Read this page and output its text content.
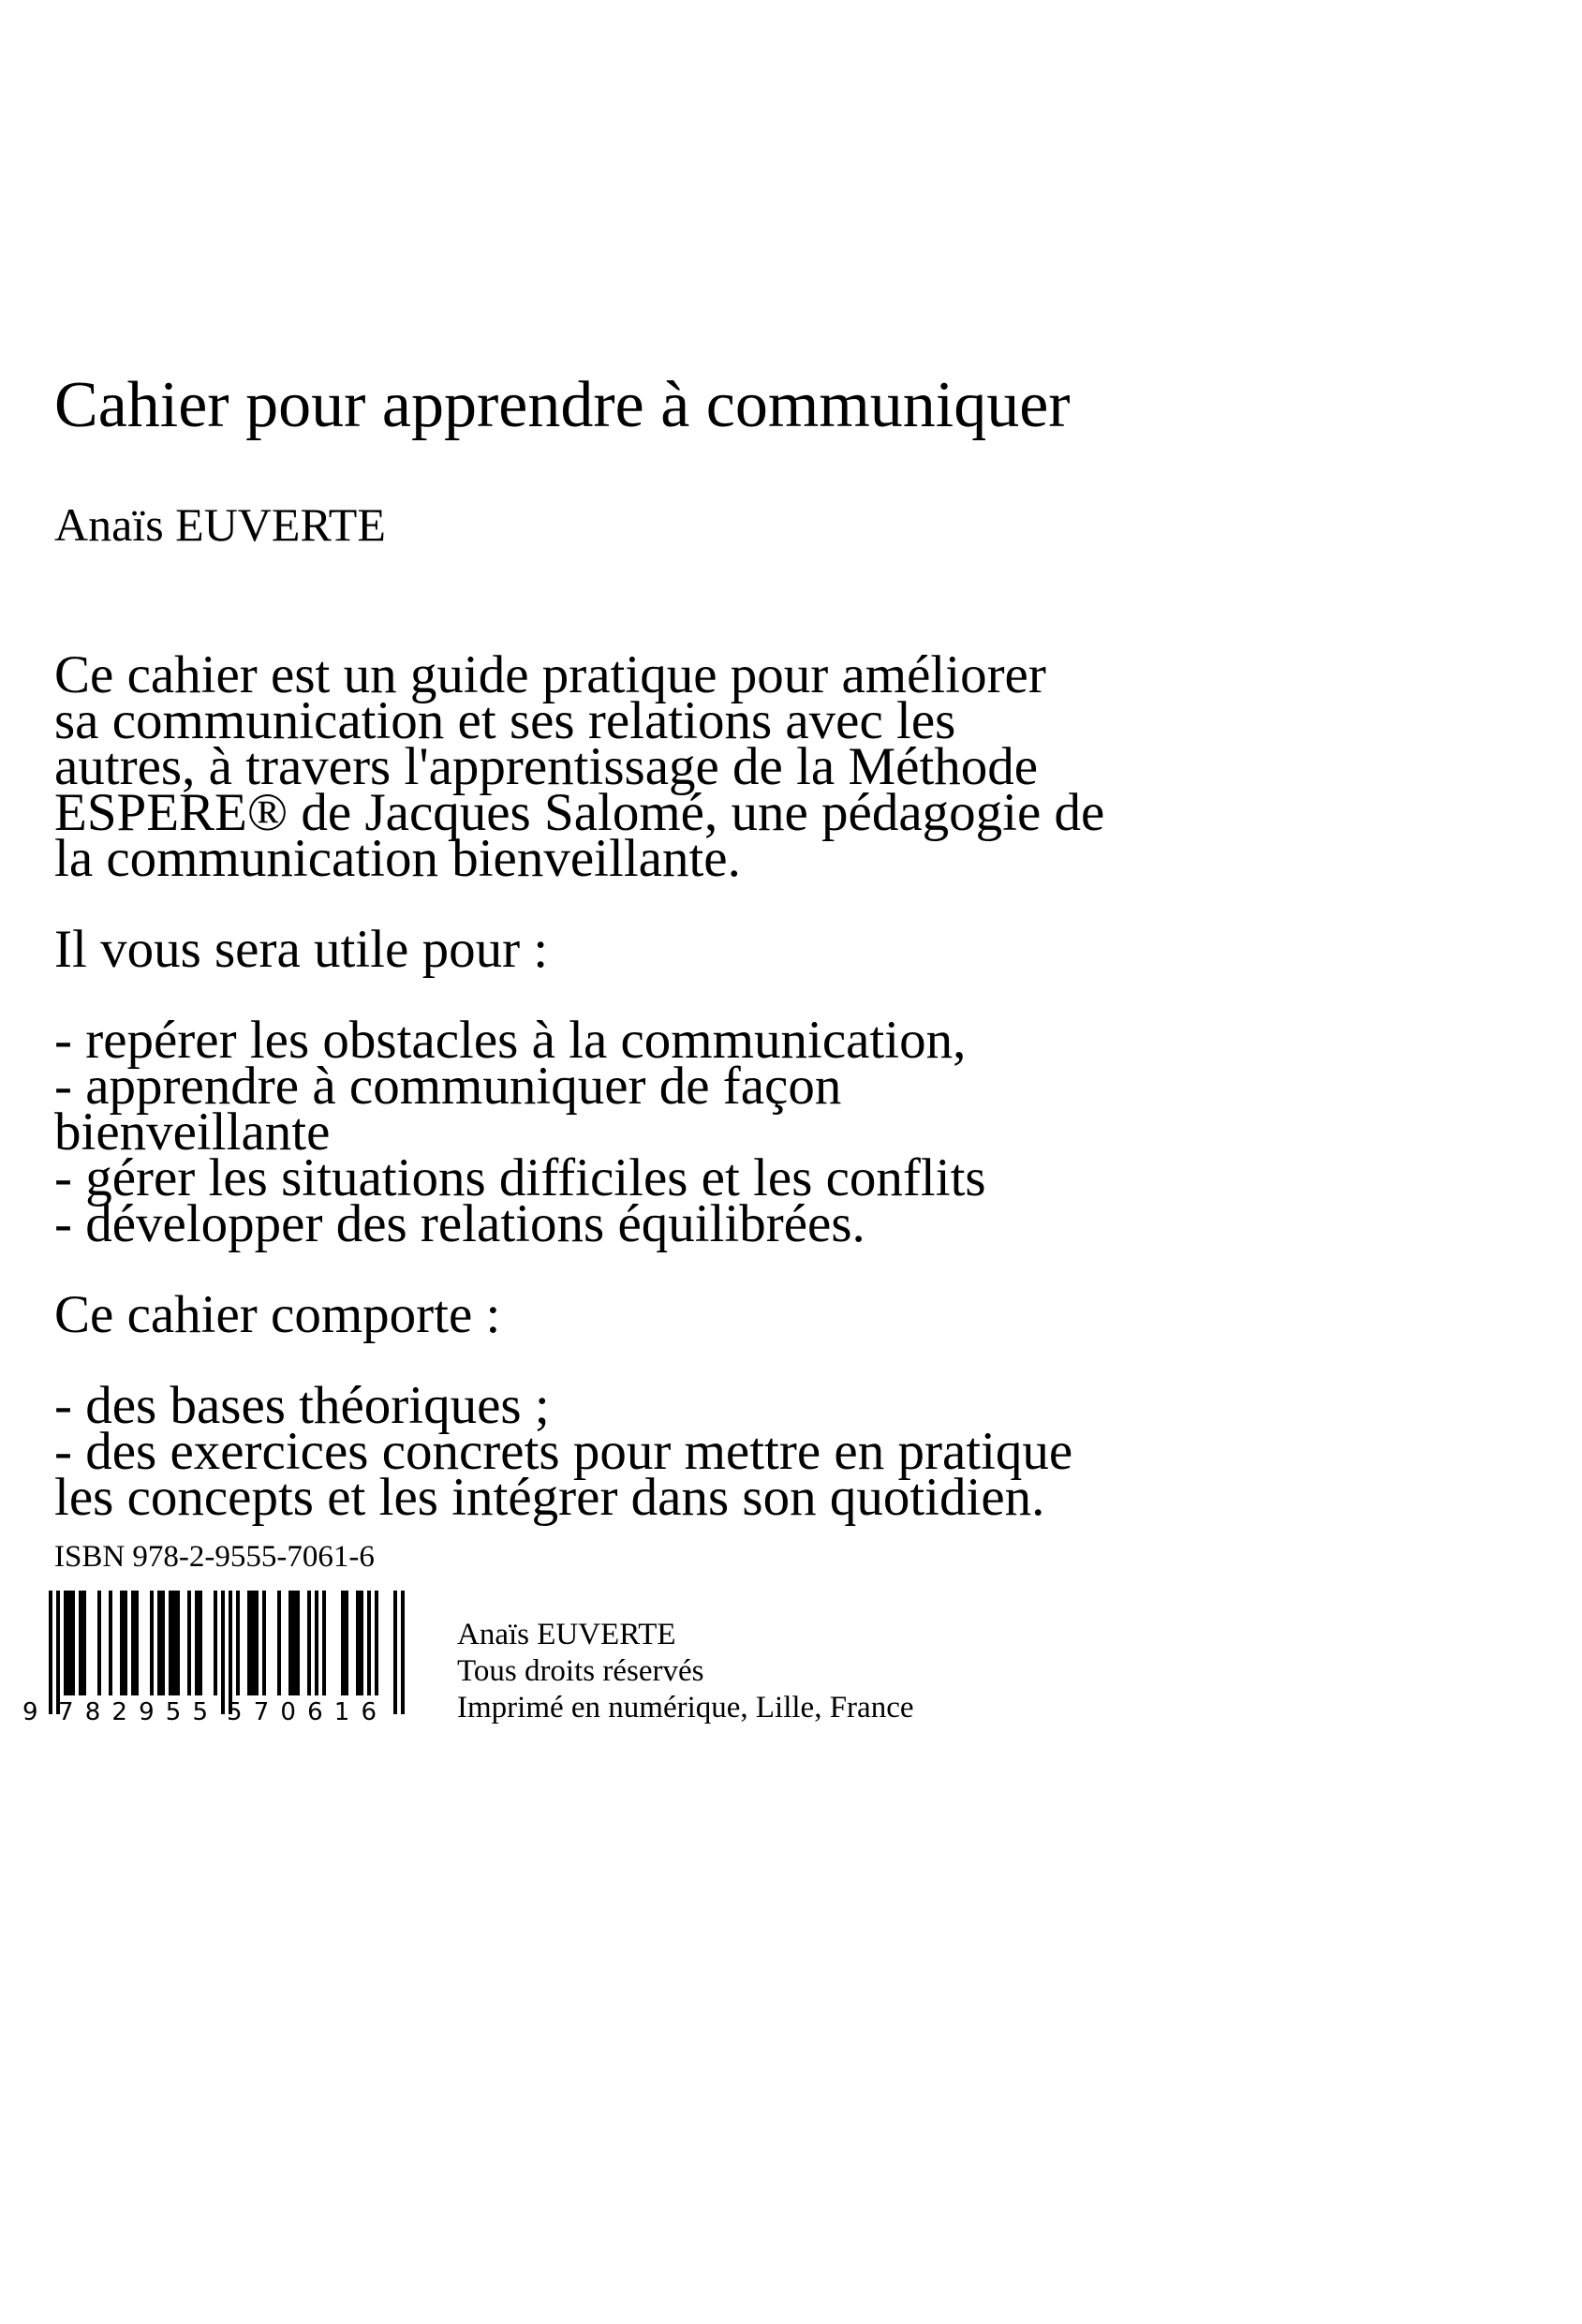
Cahier pour apprendre à communiquer
Anaïs EUVERTE
Ce cahier est un guide pratique pour améliorer
sa communication et ses relations avec les
autres, à travers l'apprentissage de la Méthode
ESPERE® de Jacques Salomé, une pédagogie de
la communication bienveillante.
Il vous sera utile pour :
- repérer les obstacles à la communication,
- apprendre à communiquer de façon
bienveillante
- gérer les situations difficiles et les conflits
- développer des relations équilibrées.
Ce cahier comporte :
- des bases théoriques ;
- des exercices concrets pour mettre en pratique
les concepts et les intégrer dans son quotidien.
ISBN 978-2-9555-7061-6
9 782955 570616
Anaïs EUVERTE
Tous droits réservés
Imprimé en numérique, Lille, France
